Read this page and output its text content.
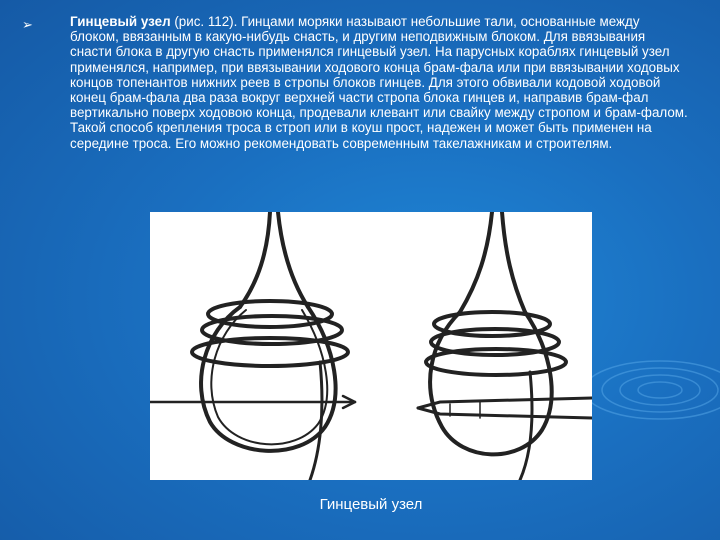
➢	Гинцевый узел (рис. 112). Гинцами моряки называют небольшие тали, основанные между блоком, ввязанным в какую-нибудь снасть, и другим неподвижным блоком. Для ввязывания снасти блока в другую снасть применялся гинцевый узел. На парусных кораблях гинцевый узел применялся, например, при ввязывании ходового конца брам-фала или при ввязывании ходовых концов топенантов нижних реев в стропы блоков гинцев. Для этого обвивали кодовой ходовой конец брам-фала два раза вокруг верхней части стропа блока гинцев и, направив брам-фал вертикально поверх ходовою конца, продевали клевант или свайку между стропом и брам-фалом. Такой способ крепления троса в строп или в коуш прост, надежен и может быть применен на середине троса. Его можно рекомендовать современным такелажникам и строителям.
Гинцевый узел
